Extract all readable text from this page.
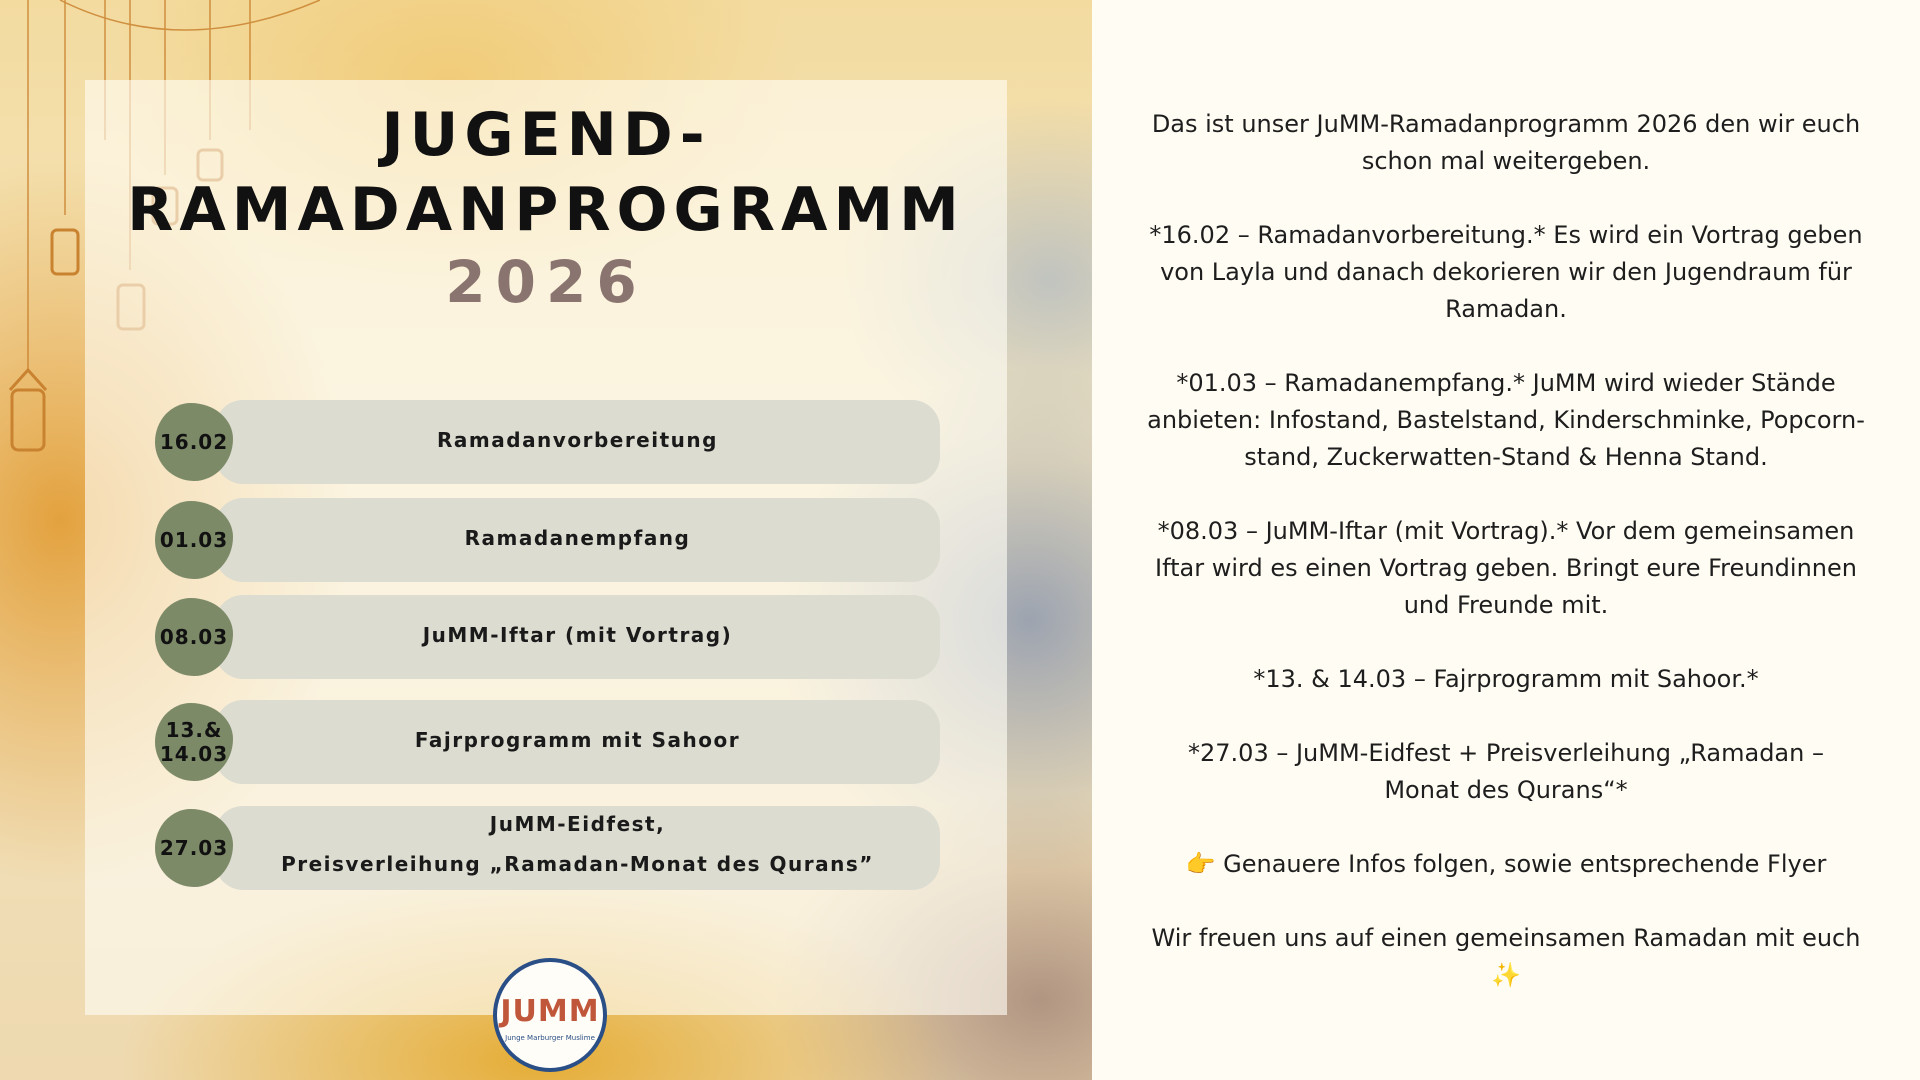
JUGEND-
RAMADANPROGRAMM
2026
Ramadanvorbereitung
16.02
Ramadanempfang
01.03
JuMM-Iftar (mit Vortrag)
08.03
Fajrprogramm mit Sahoor
13.&
14.03
JuMM-Eidfest,
Preisverleihung „Ramadan-Monat des Qurans”
27.03
JUMM
Junge Marburger Muslime
Das ist unser JuMM-Ramadanprogramm 2026 den wir euch
schon mal weitergeben.
*16.02 – Ramadanvorbereitung.* Es wird ein Vortrag geben
von Layla und danach dekorieren wir den Jugendraum für
Ramadan.
*01.03 – Ramadanempfang.* JuMM wird wieder Stände
anbieten: Infostand, Bastelstand, Kinderschminke, Popcorn-
stand, Zuckerwatten-Stand & Henna Stand.
*08.03 – JuMM-Iftar (mit Vortrag).* Vor dem gemeinsamen
Iftar wird es einen Vortrag geben. Bringt eure Freundinnen
und Freunde mit.
*13. & 14.03 – Fajrprogramm mit Sahoor.*
*27.03 – JuMM-Eidfest + Preisverleihung „Ramadan –
Monat des Qurans“*
👉 Genauere Infos folgen, sowie entsprechende Flyer
Wir freuen uns auf einen gemeinsamen Ramadan mit euch
✨
